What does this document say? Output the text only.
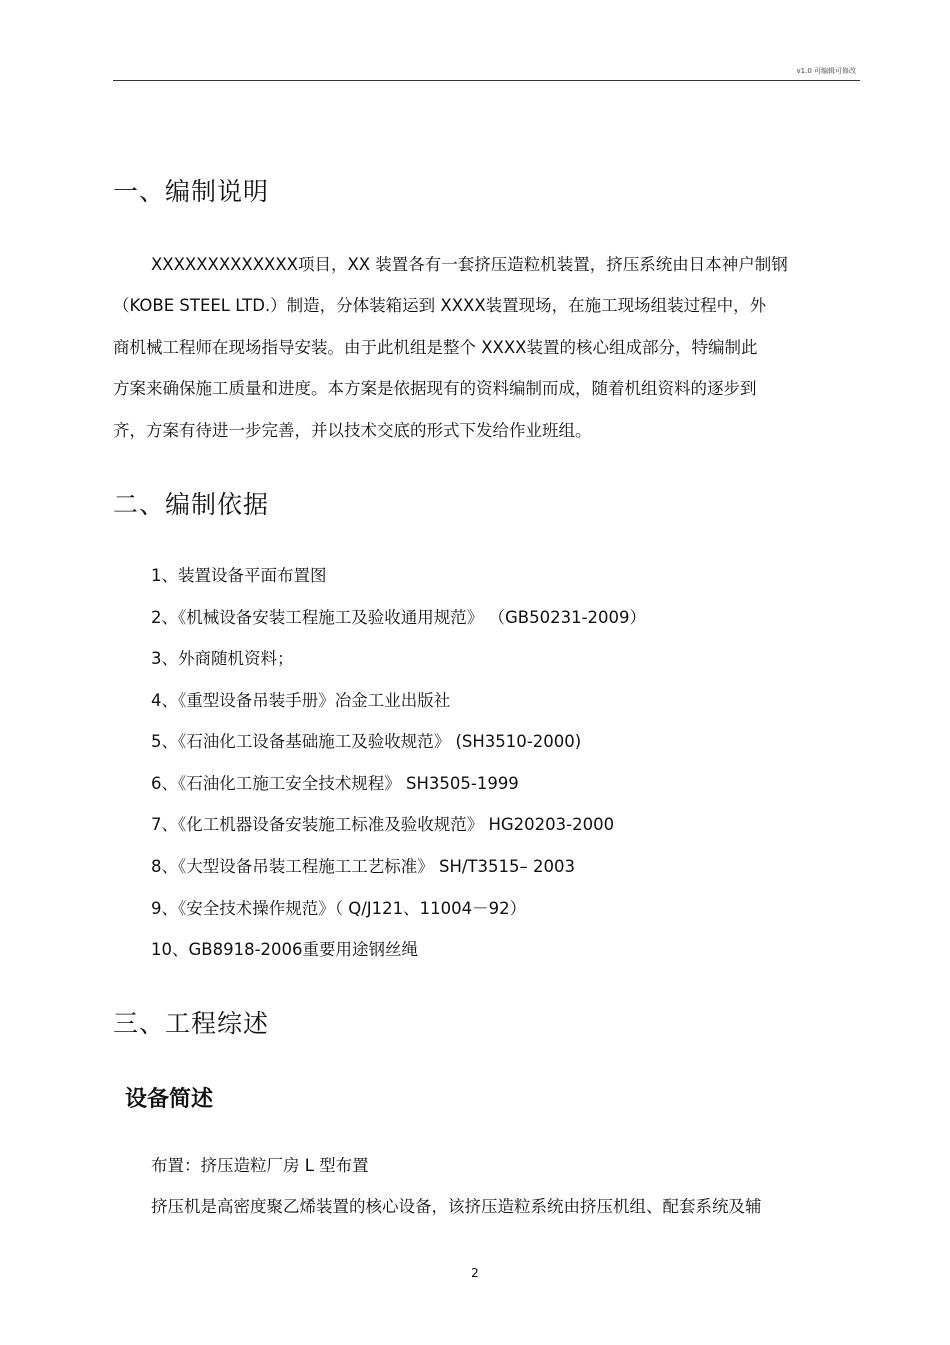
v1.0 可编辑可修改
一、编制说明
XXXXXXXXXXXXX项目，XX 装置各有一套挤压造粒机装置，挤压系统由日本神户制钢
（KOBE STEEL LTD.）制造，分体装箱运到 XXXX装置现场，在施工现场组装过程中，外
商机械工程师在现场指导安装。由于此机组是整个 XXXX装置的核心组成部分，特编制此
方案来确保施工质量和进度。本方案是依据现有的资料编制而成，随着机组资料的逐步到
齐，方案有待进一步完善，并以技术交底的形式下发给作业班组。
二、编制依据
1、装置设备平面布置图
2、《机械设备安装工程施工及验收通用规范》 （GB50231-2009）
3、外商随机资料；
4、《重型设备吊装手册》冶金工业出版社
5、《石油化工设备基础施工及验收规范》 (SH3510-2000)
6、《石油化工施工安全技术规程》 SH3505-1999
7、《化工机器设备安装施工标准及验收规范》 HG20203-2000
8、《大型设备吊装工程施工工艺标准》 SH/T3515– 2003
9、《安全技术操作规范》（ Q/J121、11004－92）
10、GB8918-2006重要用途钢丝绳
三、工程综述
设备简述
布置：挤压造粒厂房 L 型布置
挤压机是高密度聚乙烯装置的核心设备，该挤压造粒系统由挤压机组、配套系统及辅
2
